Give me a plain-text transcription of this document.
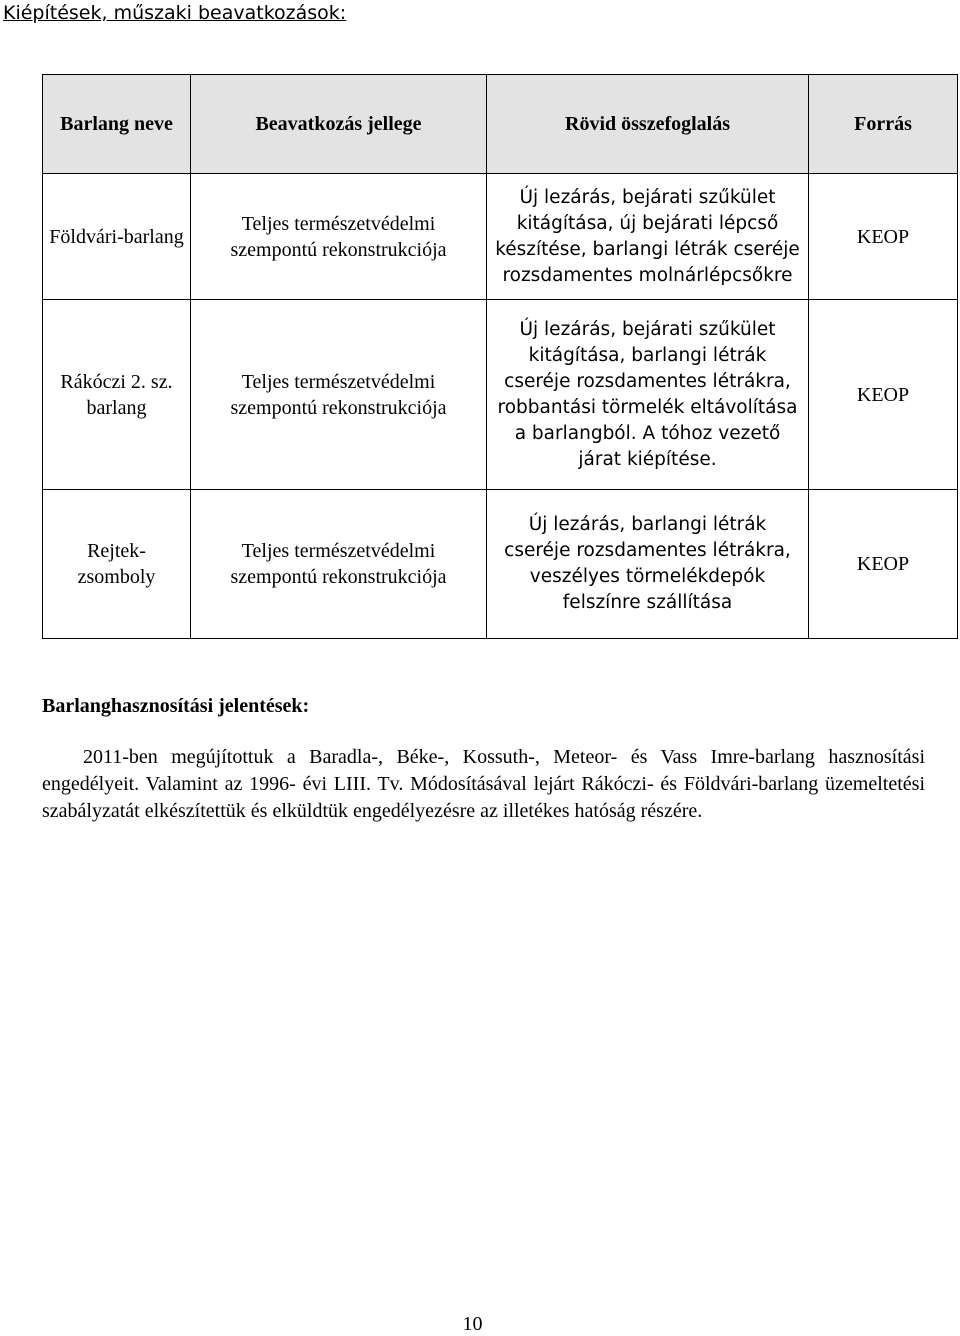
Kiépítések, műszaki beavatkozások:
Barlang neve	Beavatkozás jellege	Rövid összefoglalás	Forrás
Földvári-barlang	Teljes természetvédelmi szempontú rekonstrukciója	Új lezárás, bejárati szűkület kitágítása, új bejárati lépcső készítése, barlangi létrák cseréje rozsdamentes molnárlépcsőkre	KEOP
Rákóczi 2. sz. barlang	Teljes természetvédelmi szempontú rekonstrukciója	Új lezárás, bejárati szűkület kitágítása, barlangi létrák cseréje rozsdamentes létrákra, robbantási törmelék eltávolítása a barlangból. A tóhoz vezető járat kiépítése.	KEOP
Rejtek-zsomboly	Teljes természetvédelmi szempontú rekonstrukciója	Új lezárás, barlangi létrák cseréje rozsdamentes létrákra, veszélyes törmelékdepók felszínre szállítása	KEOP
Barlanghasznosítási jelentések:

2011-ben megújítottuk a Baradla-, Béke-, Kossuth-, Meteor- és Vass Imre-barlang hasznosítási engedélyeit. Valamint az 1996- évi LIII. Tv. Módosításával lejárt Rákóczi- és Földvári-barlang üzemeltetési szabályzatát elkészítettük és elküldtük engedélyezésre az illetékes hatóság részére.

10
